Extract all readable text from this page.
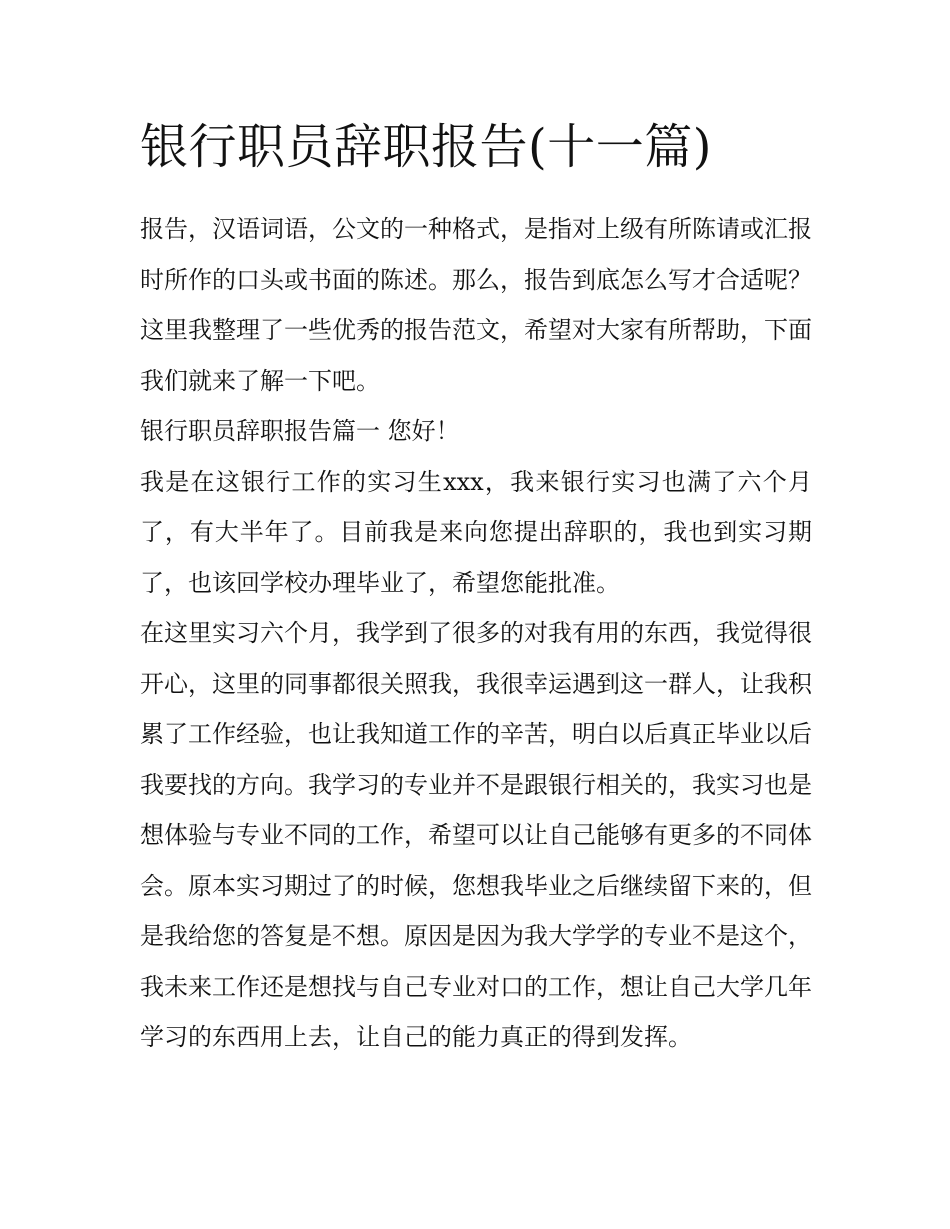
银行职员辞职报告(十一篇)

报告，汉语词语，公文的一种格式，是指对上级有所陈请或汇报时所作的口头或书面的陈述。那么，报告到底怎么写才合适呢？这里我整理了一些优秀的报告范文，希望对大家有所帮助，下面我们就来了解一下吧。

银行职员辞职报告篇一 您好！

我是在这银行工作的实习生xxx，我来银行实习也满了六个月了，有大半年了。目前我是来向您提出辞职的，我也到实习期了，也该回学校办理毕业了，希望您能批准。

在这里实习六个月，我学到了很多的对我有用的东西，我觉得很开心，这里的同事都很关照我，我很幸运遇到这一群人，让我积累了工作经验，也让我知道工作的辛苦，明白以后真正毕业以后我要找的方向。我学习的专业并不是跟银行相关的，我实习也是想体验与专业不同的工作，希望可以让自己能够有更多的不同体会。原本实习期过了的时候，您想我毕业之后继续留下来的，但是我给您的答复是不想。原因是因为我大学学的专业不是这个，我未来工作还是想找与自己专业对口的工作，想让自己大学几年学习的东西用上去，让自己的能力真正的得到发挥。
